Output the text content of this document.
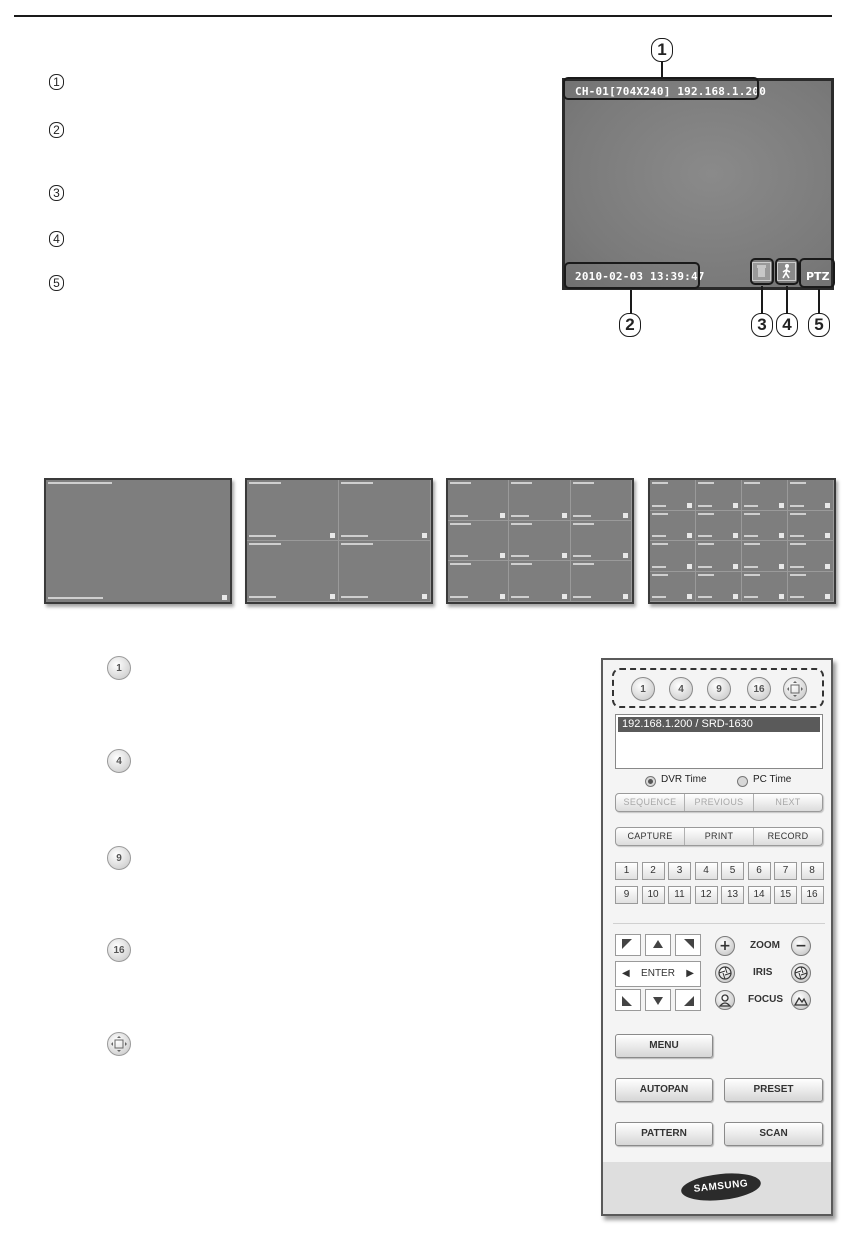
1
2
3
4
5
1
CH-01[704X240] 192.168.1.200
2010-02-03 13:39:47	PTZ
2	3 4	5
1
4
9
16
1	4	9	16
192.168.1.200 / SRD-1630
DVR Time	PC Time
SEQUENCE	PREVIOUS	NEXT
CAPTURE	PRINT	RECORD
1	2	3	4	5	6	7	8
9	10	11	12	13	14	15	16
◀ ENTER ▶
+	ZOOM −
IRIS
FOCUS
MENU
AUTOPAN	PRESET
PATTERN	SCAN
SAMSUNG
